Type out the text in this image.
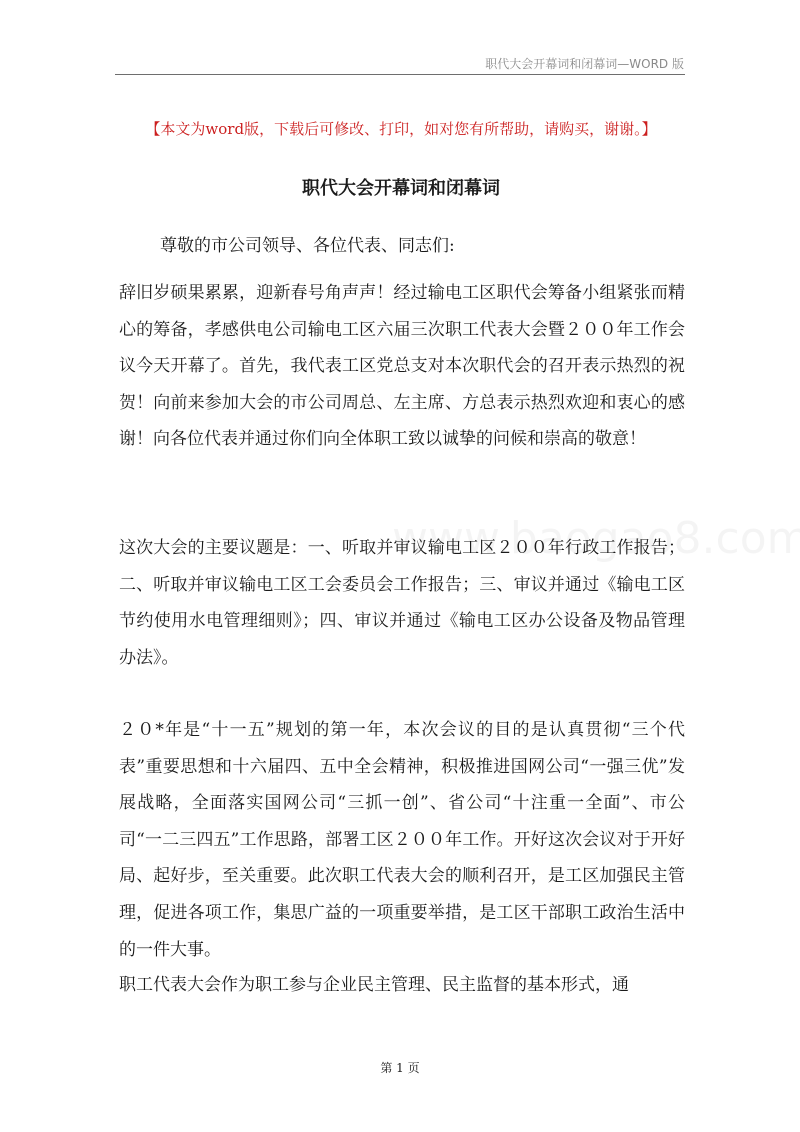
职代大会开幕词和闭幕词—WORD 版
【本文为word版，下载后可修改、打印，如对您有所帮助，请购买，谢谢。】
职代大会开幕词和闭幕词
尊敬的市公司领导、各位代表、同志们:
辞旧岁硕果累累，迎新春号角声声！经过输电工区职代会筹备小组紧张而精心的筹备，孝感供电公司输电工区六届三次职工代表大会暨２００年工作会议今天开幕了。首先，我代表工区党总支对本次职代会的召开表示热烈的祝贺！向前来参加大会的市公司周总、左主席、方总表示热烈欢迎和衷心的感谢！向各位代表并通过你们向全体职工致以诚挚的问候和崇高的敬意！
这次大会的主要议题是：一、听取并审议输电工区２００年行政工作报告；二、听取并审议输电工区工会委员会工作报告；三、审议并通过《输电工区节约使用水电管理细则》；四、审议并通过《输电工区办公设备及物品管理办法》。
２０*年是“十一五”规划的第一年，本次会议的目的是认真贯彻“三个代表”重要思想和十六届四、五中全会精神，积极推进国网公司“一强三优”发展战略，全面落实国网公司“三抓一创”、省公司“十注重一全面”、市公司“一二三四五”工作思路，部署工区２００年工作。开好这次会议对于开好局、起好步，至关重要。此次职工代表大会的顺利召开，是工区加强民主管理，促进各项工作，集思广益的一项重要举措，是工区干部职工政治生活中的一件大事。
职工代表大会作为职工参与企业民主管理、民主监督的基本形式，通
第 1 页
